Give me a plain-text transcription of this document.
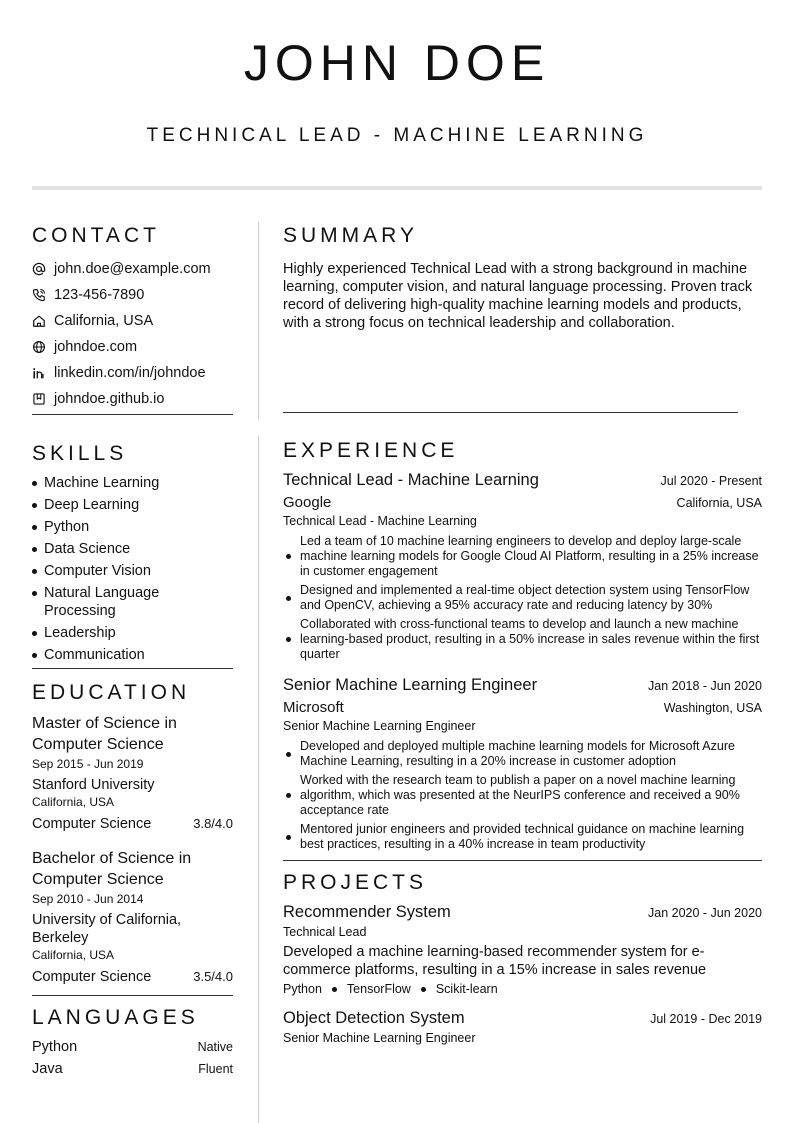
JOHN DOE
TECHNICAL LEAD - MACHINE LEARNING
CONTACT
john.doe@example.com
123-456-7890
California, USA
johndoe.com
linkedin.com/in/johndoe
johndoe.github.io
SKILLS
Machine Learning
Deep Learning
Python
Data Science
Computer Vision
Natural Language Processing
Leadership
Communication
EDUCATION
Master of Science in Computer Science
Sep 2015 - Jun 2019
Stanford University
California, USA
Computer Science	3.8/4.0
Bachelor of Science in Computer Science
Sep 2010 - Jun 2014
University of California, Berkeley
California, USA
Computer Science	3.5/4.0
LANGUAGES
Python	Native
Java	Fluent
SUMMARY

Highly experienced Technical Lead with a strong background in machine learning, computer vision, and natural language processing. Proven track record of delivering high-quality machine learning models and products, with a strong focus on technical leadership and collaboration.

EXPERIENCE
Technical Lead - Machine Learning	Jul 2020 - Present
Google	California, USA
Technical Lead - Machine Learning
Led a team of 10 machine learning engineers to develop and deploy large-scale machine learning models for Google Cloud AI Platform, resulting in a 25% increase in customer engagement
Designed and implemented a real-time object detection system using TensorFlow and OpenCV, achieving a 95% accuracy rate and reducing latency by 30%
Collaborated with cross-functional teams to develop and launch a new machine learning-based product, resulting in a 50% increase in sales revenue within the first quarter
Senior Machine Learning Engineer	Jan 2018 - Jun 2020
Microsoft	Washington, USA
Senior Machine Learning Engineer
Developed and deployed multiple machine learning models for Microsoft Azure Machine Learning, resulting in a 20% increase in customer adoption
Worked with the research team to publish a paper on a novel machine learning algorithm, which was presented at the NeurIPS conference and received a 90% acceptance rate
Mentored junior engineers and provided technical guidance on machine learning best practices, resulting in a 40% increase in team productivity
PROJECTS
Recommender System	Jan 2020 - Jun 2020
Technical Lead
Developed a machine learning-based recommender system for e-commerce platforms, resulting in a 15% increase in sales revenue
Python TensorFlow Scikit-learn
Object Detection System	Jul 2019 - Dec 2019
Senior Machine Learning Engineer
